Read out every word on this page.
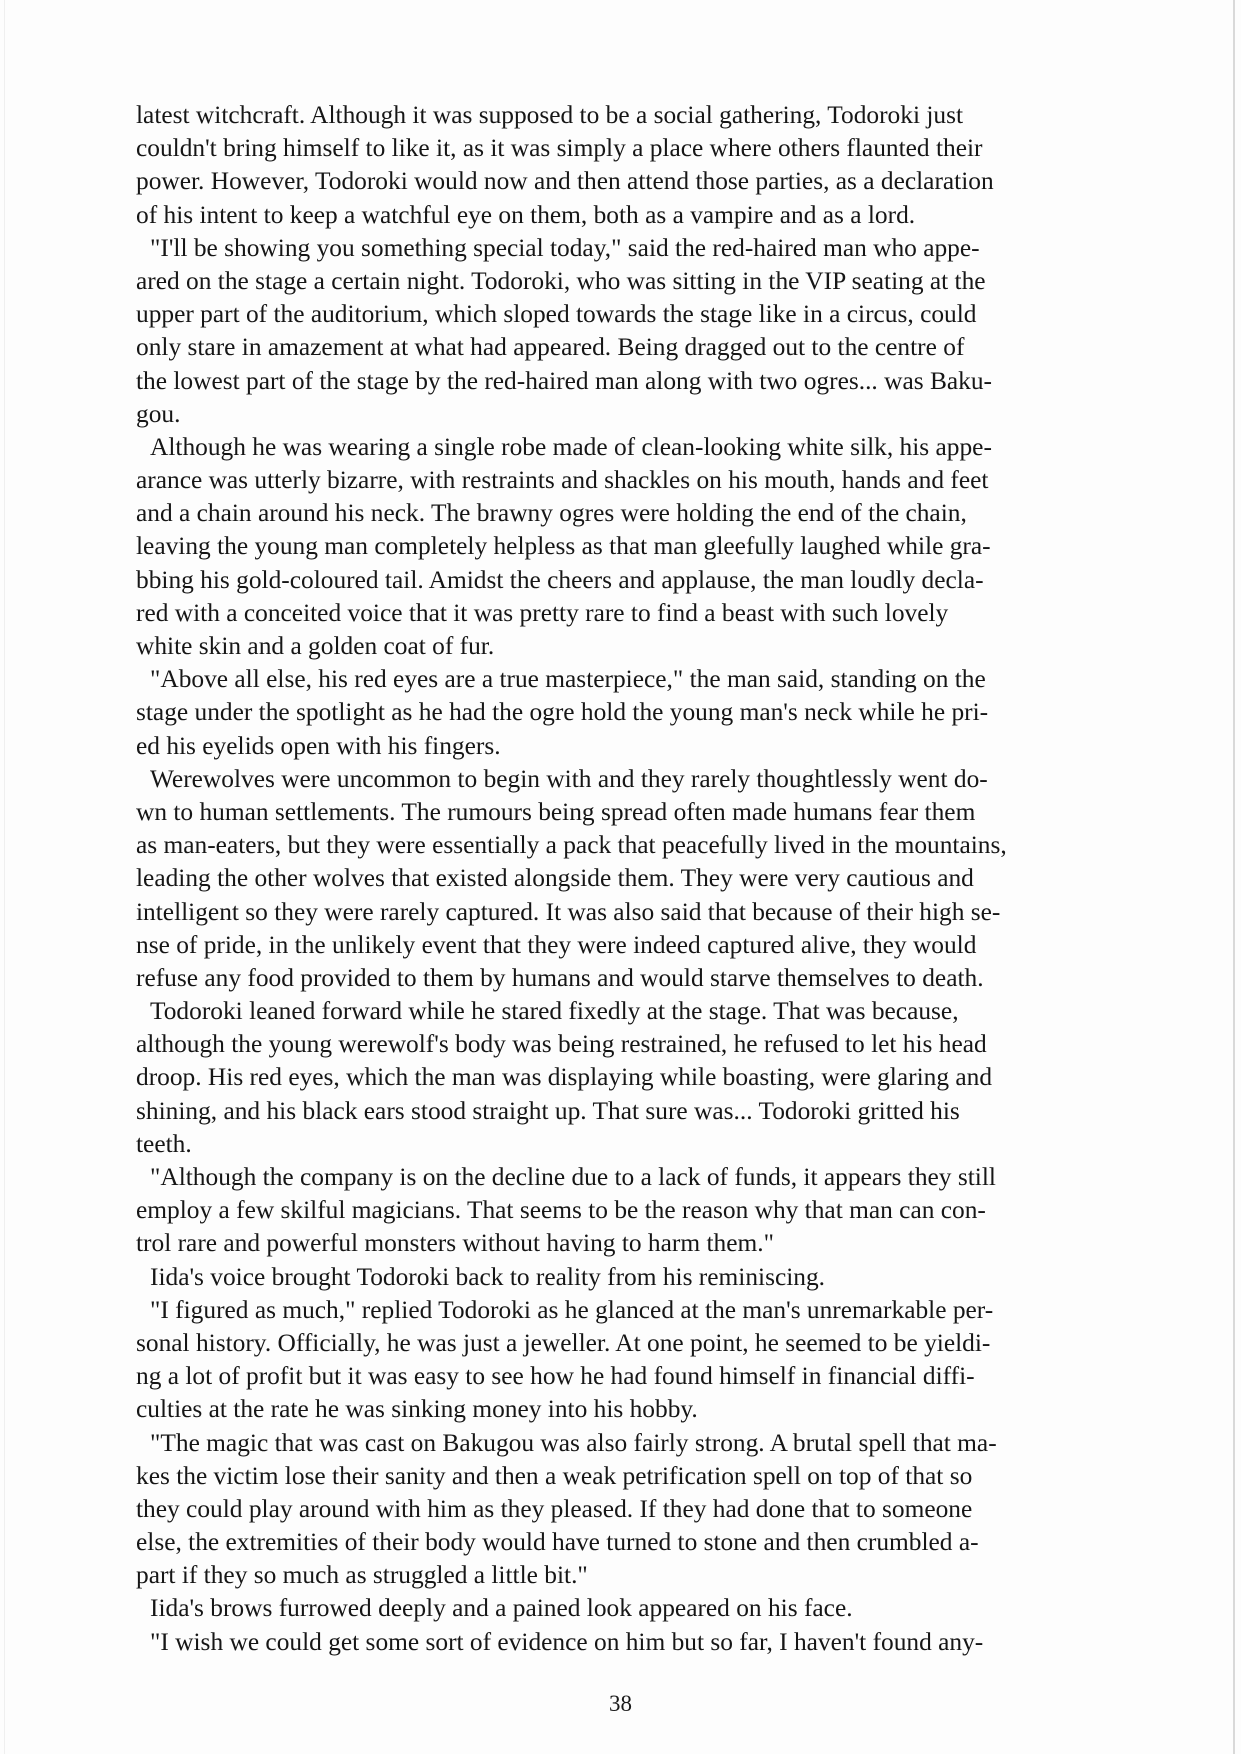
latest witchcraft. Although it was supposed to be a social gathering, Todoroki just
couldn't bring himself to like it, as it was simply a place where others flaunted their
power. However, Todoroki would now and then attend those parties, as a declaration
of his intent to keep a watchful eye on them, both as a vampire and as a lord.
"I'll be showing you something special today," said the red-haired man who appe-
ared on the stage a certain night. Todoroki, who was sitting in the VIP seating at the
upper part of the auditorium, which sloped towards the stage like in a circus, could
only stare in amazement at what had appeared. Being dragged out to the centre of
the lowest part of the stage by the red-haired man along with two ogres... was Baku-
gou.
Although he was wearing a single robe made of clean-looking white silk, his appe-
arance was utterly bizarre, with restraints and shackles on his mouth, hands and feet
and a chain around his neck. The brawny ogres were holding the end of the chain,
leaving the young man completely helpless as that man gleefully laughed while gra-
bbing his gold-coloured tail. Amidst the cheers and applause, the man loudly decla-
red with a conceited voice that it was pretty rare to find a beast with such lovely
white skin and a golden coat of fur.
"Above all else, his red eyes are a true masterpiece," the man said, standing on the
stage under the spotlight as he had the ogre hold the young man's neck while he pri-
ed his eyelids open with his fingers.
Werewolves were uncommon to begin with and they rarely thoughtlessly went do-
wn to human settlements. The rumours being spread often made humans fear them
as man-eaters, but they were essentially a pack that peacefully lived in the mountains,
leading the other wolves that existed alongside them. They were very cautious and
intelligent so they were rarely captured. It was also said that because of their high se-
nse of pride, in the unlikely event that they were indeed captured alive, they would
refuse any food provided to them by humans and would starve themselves to death.
Todoroki leaned forward while he stared fixedly at the stage. That was because,
although the young werewolf's body was being restrained, he refused to let his head
droop. His red eyes, which the man was displaying while boasting, were glaring and
shining, and his black ears stood straight up. That sure was... Todoroki gritted his
teeth.
"Although the company is on the decline due to a lack of funds, it appears they still
employ a few skilful magicians. That seems to be the reason why that man can con-
trol rare and powerful monsters without having to harm them."
Iida's voice brought Todoroki back to reality from his reminiscing.
"I figured as much," replied Todoroki as he glanced at the man's unremarkable per-
sonal history. Officially, he was just a jeweller. At one point, he seemed to be yieldi-
ng a lot of profit but it was easy to see how he had found himself in financial diffi-
culties at the rate he was sinking money into his hobby.
"The magic that was cast on Bakugou was also fairly strong. A brutal spell that ma-
kes the victim lose their sanity and then a weak petrification spell on top of that so
they could play around with him as they pleased. If they had done that to someone
else, the extremities of their body would have turned to stone and then crumbled a-
part if they so much as struggled a little bit."
Iida's brows furrowed deeply and a pained look appeared on his face.
"I wish we could get some sort of evidence on him but so far, I haven't found any-
38
